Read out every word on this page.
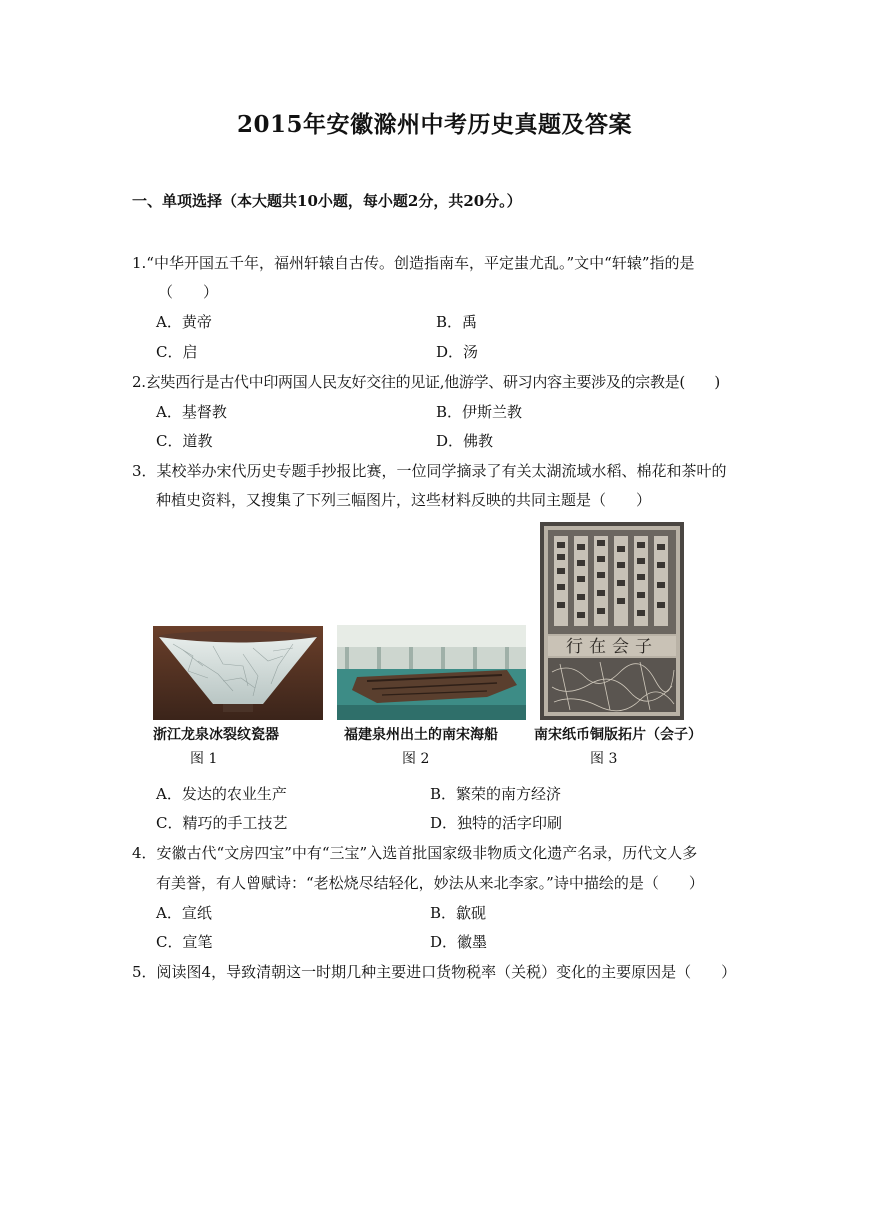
2015年安徽滁州中考历史真题及答案
一、单项选择（本大题共10小题，每小题2分，共20分。）
1.“中华开国五千年，福州轩辕自古传。创造指南车，平定蚩尤乱。”文中“轩辕”指的是
（　　）
A．黄帝	B．禹
C．启	D．汤
2.玄奘西行是古代中印两国人民友好交往的见证,他游学、研习内容主要涉及的宗教是(　　)
A．基督教	B．伊斯兰教
C．道教	D．佛教
3．某校举办宋代历史专题手抄报比赛，一位同学摘录了有关太湖流域水稻、棉花和茶叶的
种植史资料，又搜集了下列三幅图片，这些材料反映的共同主题是（　　）
行在会子
浙江龙泉冰裂纹瓷器	福建泉州出土的南宋海船	南宋纸币铜版拓片（会子）
图 1	图 2	图 3
A．发达的农业生产	B．繁荣的南方经济
C．精巧的手工技艺	D．独特的活字印刷
4．安徽古代“文房四宝”中有“三宝”入选首批国家级非物质文化遗产名录，历代文人多
有美誉，有人曾赋诗：“老松烧尽结轻化，妙法从来北李家。”诗中描绘的是（　　）
A．宣纸	B．歙砚
C．宣笔	D．徽墨
5．阅读图4，导致清朝这一时期几种主要进口货物税率（关税）变化的主要原因是（　　）
